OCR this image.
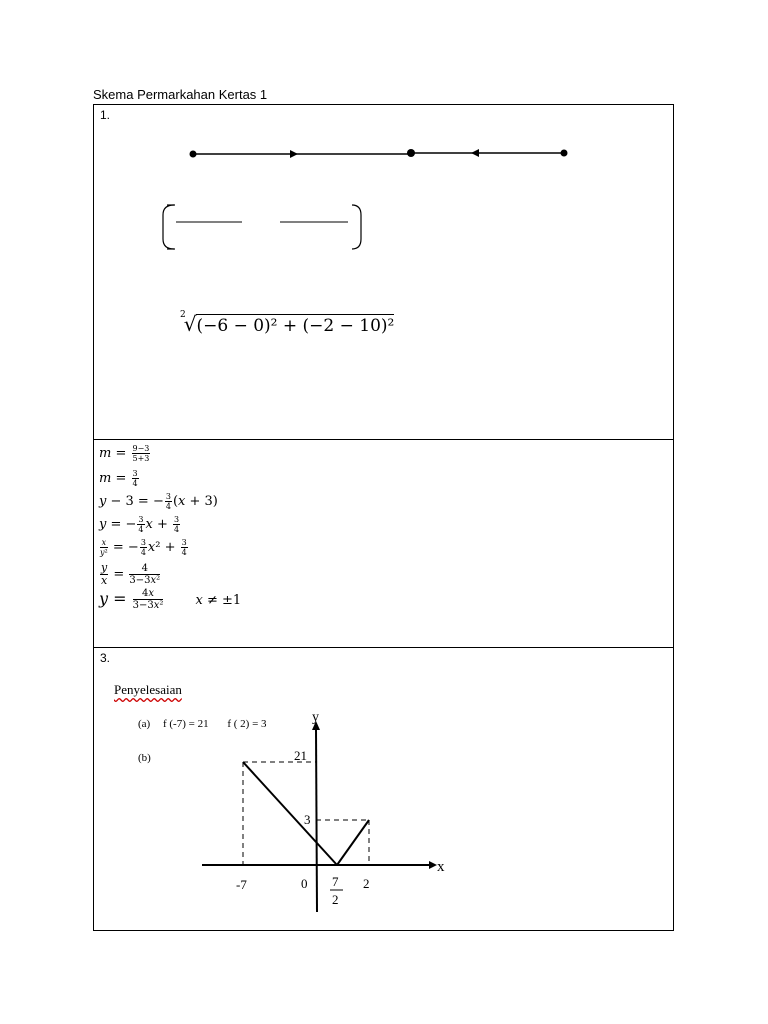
Skema Permarkahan Kertas 1
1.
$^2$√(−6 − 0)² + (−2 − 10)²
$m = \frac{9-3}{5+3}$
$m = \frac{3}{4}$
y − 3 = − $\frac{3}{4} (x + 3)$
y = − $\frac{3}{4}$ $x + \frac{3}{4}$
$\frac{x}{\text{y²}}$ = − $\frac{3}{4} x^2 + \frac{3}{4}$
$\frac{y}{x} = \frac{4}{\text{3−3x²}}$
$y = \frac{4x}{\text{3−3x²}}$ x ≠ ±1
3.
Penyelesaian
(a) f (-7) = 21 f ( 2) = 3
(b)
y
x
21
3
-7	0 7
2
2
